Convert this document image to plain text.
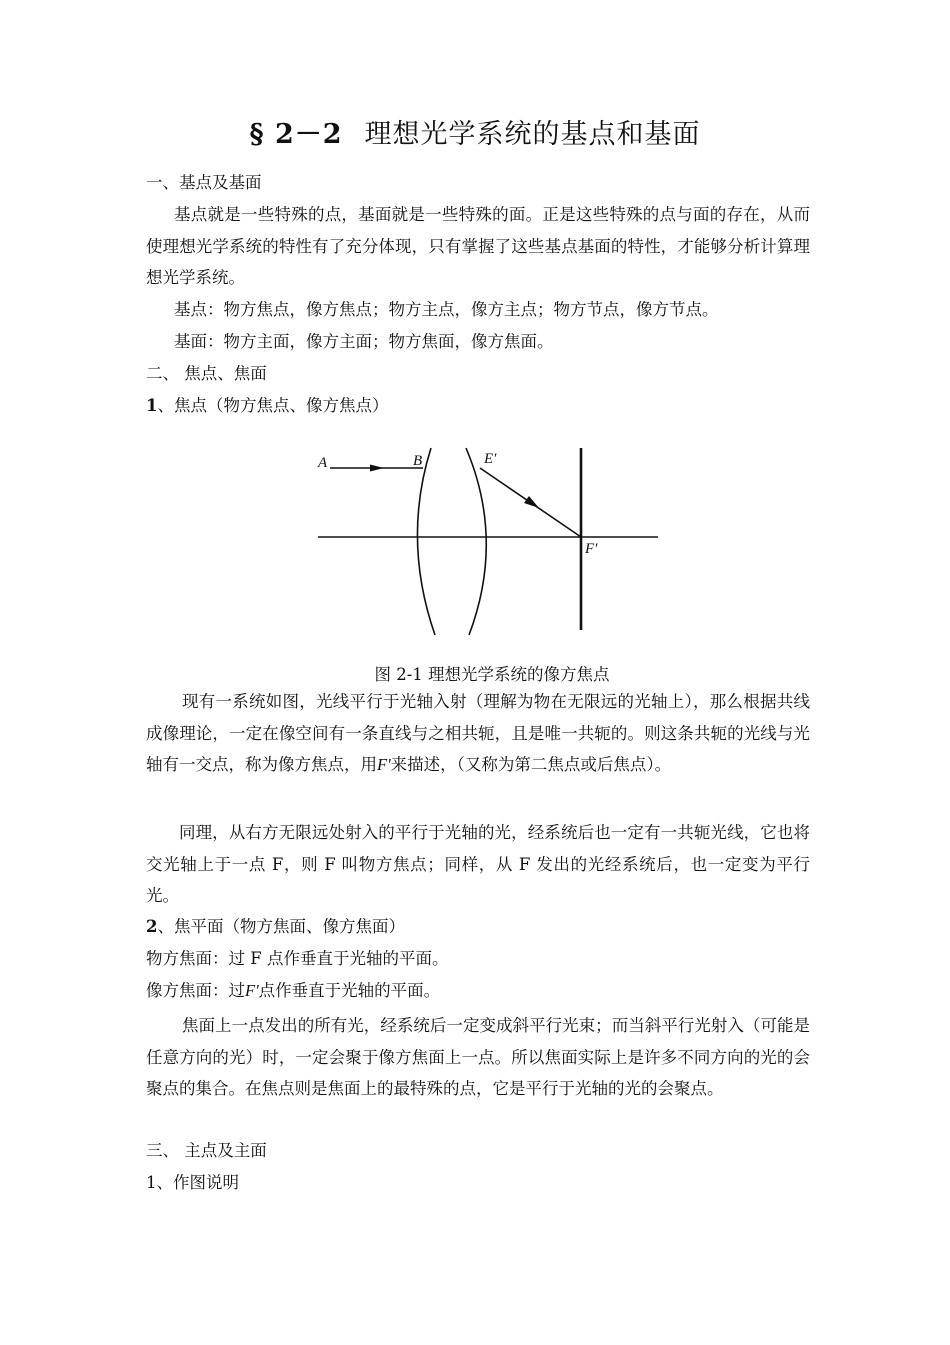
§ 2－2 理想光学系统的基点和基面
一、基点及基面
基点就是一些特殊的点，基面就是一些特殊的面。正是这些特殊的点与面的存在，从而使理想光学系统的特性有了充分体现，只有掌握了这些基点基面的特性，才能够分析计算理想光学系统。
基点：物方焦点，像方焦点；物方主点，像方主点；物方节点，像方节点。
基面：物方主面，像方主面；物方焦面，像方焦面。
二、 焦点、焦面
1、焦点（物方焦点、像方焦点）
A	B	E′
F′
图 2-1 理想光学系统的像方焦点
现有一系统如图，光线平行于光轴入射（理解为物在无限远的光轴上），那么根据共线成像理论，一定在像空间有一条直线与之相共轭，且是唯一共轭的。则这条共轭的光线与光轴有一交点，称为像方焦点，用F'来描述，（又称为第二焦点或后焦点）。
同理，从右方无限远处射入的平行于光轴的光，经系统后也一定有一共轭光线，它也将交光轴上于一点 F，则 F 叫物方焦点；同样，从 F 发出的光经系统后，也一定变为平行光。
2、焦平面（物方焦面、像方焦面）
物方焦面：过 F 点作垂直于光轴的平面。
像方焦面：过F'点作垂直于光轴的平面。
焦面上一点发出的所有光，经系统后一定变成斜平行光束；而当斜平行光射入（可能是任意方向的光）时，一定会聚于像方焦面上一点。所以焦面实际上是许多不同方向的光的会聚点的集合。在焦点则是焦面上的最特殊的点，它是平行于光轴的光的会聚点。
三、 主点及主面
1、作图说明
